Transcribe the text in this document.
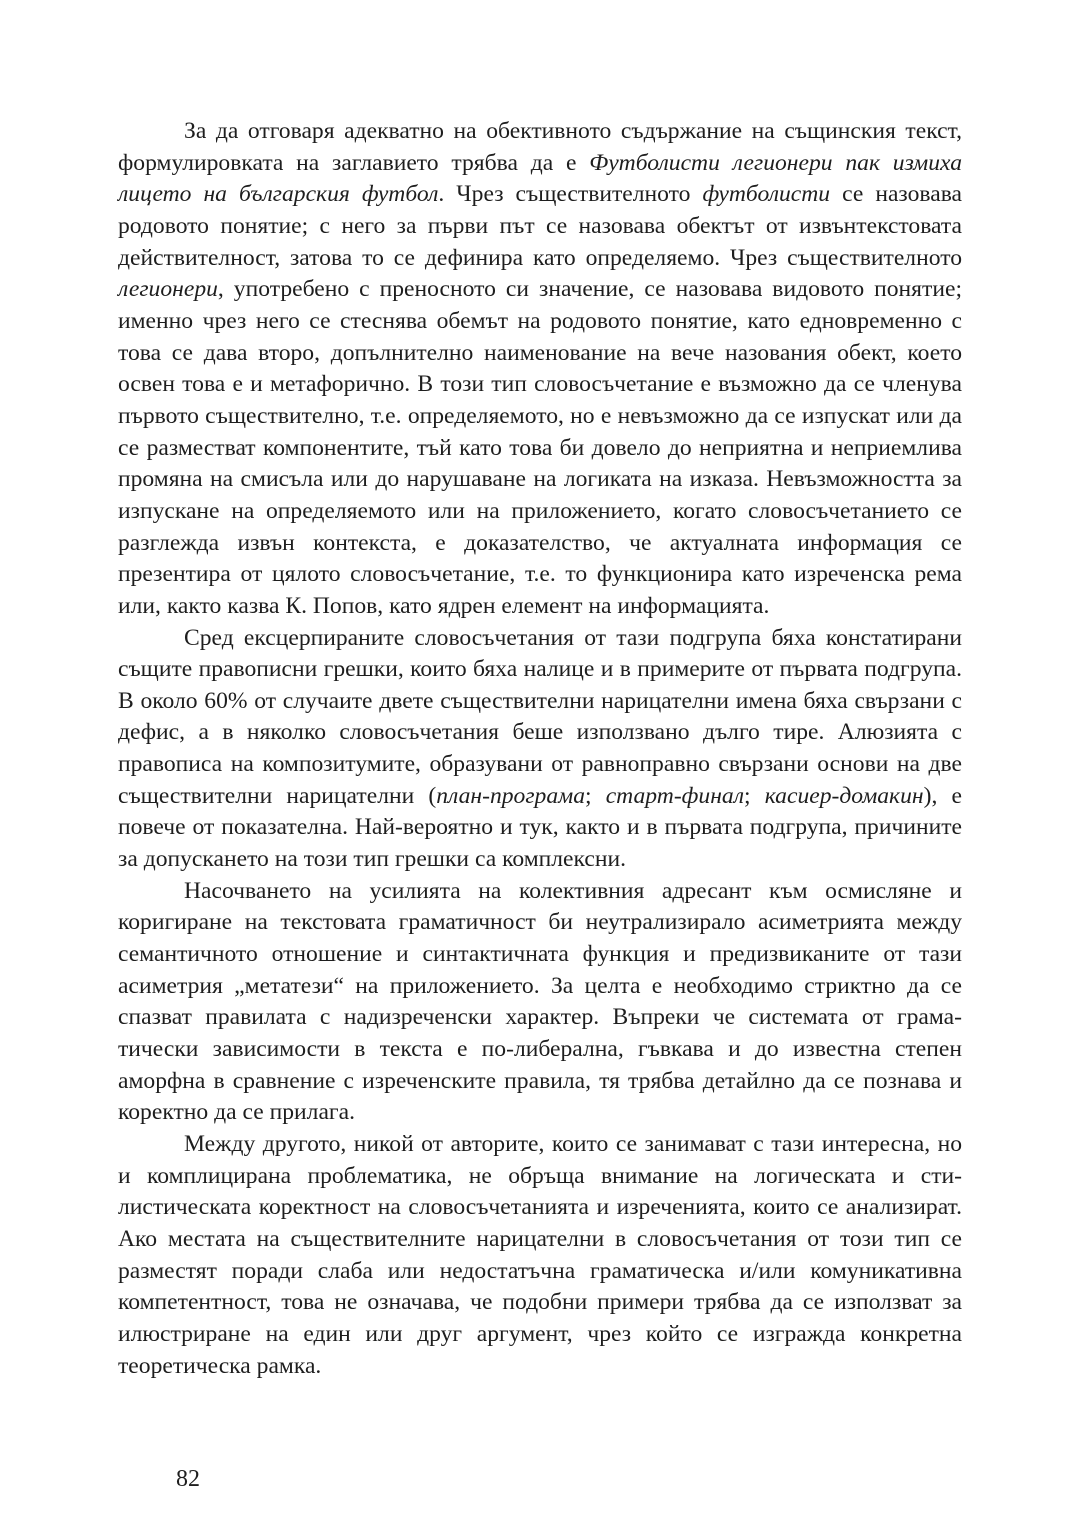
За да отговаря адекватно на обективното съдържание на същинския текст, формулировката на заглавието трябва да е Футболисти легионери пак измиха лицето на българския футбол. Чрез съществителното футболисти се назовава родовото понятие; с него за първи път се назовава обектът от извънтекстовата действителност, затова то се дефинира като определяемо. Чрез съществителното легионери, употребено с преносното си значение, се назовава видовото понятие; именно чрез него се стеснява обемът на родовото понятие, като едновременно с това се дава второ, допълнително наименование на вече назования обект, което освен това е и метафорично. В този тип словосъчетание е възможно да се членува първото съществително, т.е. определяемото, но е невъзможно да се изпускат или да се разместват компонентите, тъй като това би довело до неприятна и неприемлива промяна на смисъла или до нарушаване на логиката на изказа. Невъзможността за изпускане на определяемото или на приложението, когато словосъчетанието се разглежда извън контекста, е доказателство, че актуалната информация се презентира от цялото словосъчетание, т.е. то функционира като изреченска рема или, както казва К. Попов, като ядрен елемент на информацията.

Сред ексцерпираните словосъчетания от тази подгрупа бяха констатирани същите правописни грешки, които бяха налице и в примерите от първата подгрупа. В около 60% от случаите двете съществителни нарицателни имена бяха свързани с дефис, а в няколко словосъчетания беше използвано дълго тире. Алюзията с правописа на композитумите, образувани от равноправно свързани основи на две съществителни нарицателни (план-програма; старт-финал; касиер-домакин), е повече от показателна. Най-вероятно и тук, както и в първата подгрупа, причините за допускането на този тип грешки са комплексни.

Насочването на усилията на колективния адресант към осмисляне и коригиране на текстовата граматичност би неутрализирало асиметрията между семантичното отношение и синтактичната функция и предизвиканите от тази асиметрия „метатези“ на приложението. За целта е необходимо стриктно да се спазват правилата с надизреченски характер. Въпреки че системата от граматически зависимости в текста е по-либерална, гъвкава и до известна степен аморфна в сравнение с изреченските правила, тя трябва детайлно да се познава и коректно да се прилага.

Между другото, никой от авторите, които се занимават с тази интересна, но и комплицирана проблематика, не обръща внимание на логическата и стилистическата коректност на словосъчетанията и изреченията, които се анализират. Ако местата на съществителните нарицателни в словосъчетания от този тип се разместят поради слаба или недостатъчна граматическа и/или комуникативна компетентност, това не означава, че подобни примери трябва да се използват за илюстриране на един или друг аргумент, чрез който се изгражда конкретна теоретическа рамка.

82
